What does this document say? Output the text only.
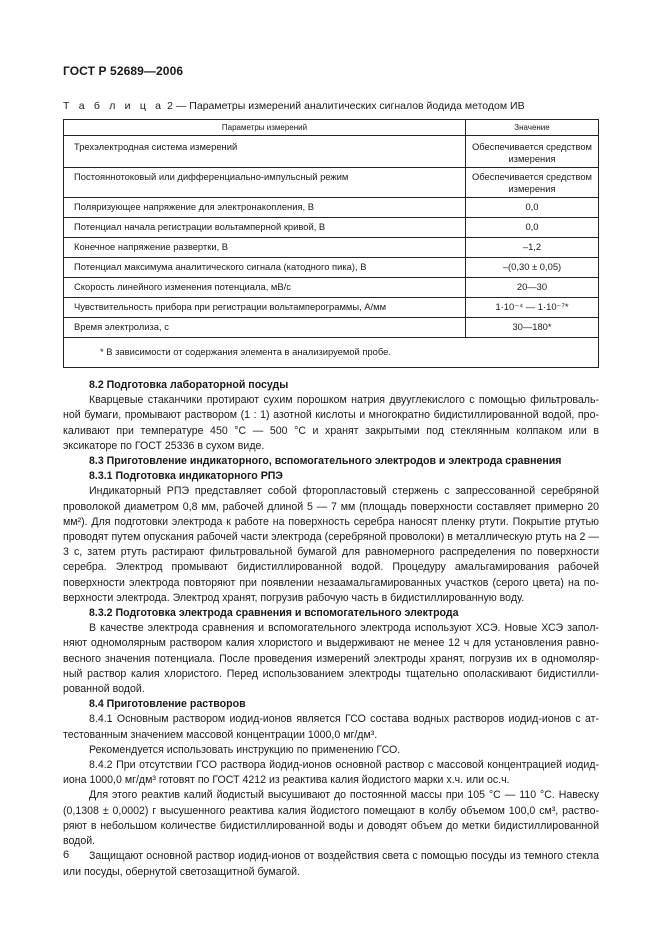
ГОСТ Р 52689—2006
Т а б л и ц а 2 — Параметры измерений аналитических сигналов йодида методом ИВ
Параметры измерений	Значение
Трехэлектродная система измерений	Обеспечивается средством измерения
Постояннотоковый или дифференциально-импульсный режим	Обеспечивается средством измерения
Поляризующее напряжение для электронакопления, В	0,0
Потенциал начала регистрации вольтамперной кривой, В	0,0
Конечное напряжение развертки, В	–1,2
Потенциал максимума аналитического сигнала (катодного пика), В	–(0,30 ± 0,05)
Скорость линейного изменения потенциала, мВ/с	20—30
Чувствительность прибора при регистрации вольтамперограммы, А/мм	1·10⁻⁴ — 1·10⁻⁷*
Время электролиза, с	30—180*
* В зависимости от содержания элемента в анализируемой пробе.	

8.2 Подготовка лабораторной посуды

Кварцевые стаканчики протирают сухим порошком натрия двууглекислого с помощью фильтровальной бумаги, промывают раствором (1 : 1) азотной кислоты и многократно бидистиллированной водой, прокаливают при температуре 450 °С — 500 °С и хранят закрытыми под стеклянным колпаком или в эксикаторе по ГОСТ 25336 в сухом виде.

8.3 Приготовление индикаторного, вспомогательного электродов и электрода сравнения

8.3.1 Подготовка индикаторного РПЭ

Индикаторный РПЭ представляет собой фторопластовый стержень с запрессованной серебряной проволокой диаметром 0,8 мм, рабочей длиной 5 — 7 мм (площадь поверхности составляет примерно 20 мм²). Для подготовки электрода к работе на поверхность серебра наносят пленку ртути. Покрытие ртутью проводят путем опускания рабочей части электрода (серебряной проволоки) в металлическую ртуть на 2 — 3 с, затем ртуть растирают фильтровальной бумагой для равномерного распределения по поверхности серебра. Электрод промывают бидистиллированной водой. Процедуру амальгамирования рабочей поверхности электрода повторяют при появлении незаамальгамированных участков (серого цвета) на поверхности электрода. Электрод хранят, погрузив рабочую часть в бидистиллированную воду.

8.3.2 Подготовка электрода сравнения и вспомогательного электрода

В качестве электрода сравнения и вспомогательного электрода используют ХСЭ. Новые ХСЭ заполняют одномолярным раствором калия хлористого и выдерживают не менее 12 ч для установления равновесного значения потенциала. После проведения измерений электроды хранят, погрузив их в одномолярный раствор калия хлористого. Перед использованием электроды тщательно ополаскивают бидистиллированной водой.

8.4 Приготовление растворов

8.4.1 Основным раствором иодид-ионов является ГСО состава водных растворов иодид-ионов с аттестованным значением массовой концентрации 1000,0 мг/дм³.

Рекомендуется использовать инструкцию по применению ГСО.

8.4.2 При отсутствии ГСО раствора йодид-ионов основной раствор с массовой концентрацией иодид-иона 1000,0 мг/дм³ готовят по ГОСТ 4212 из реактива калия йодистого марки х.ч. или ос.ч.

Для этого реактив калий йодистый высушивают до постоянной массы при 105 °С — 110 °С. Навеску (0,1308 ± 0,0002) г высушенного реактива калия йодистого помещают в колбу объемом 100,0 см³, растворяют в небольшом количестве бидистиллированной воды и доводят объем до метки бидистиллированной водой.

Защищают основной раствор иодид-ионов от воздействия света с помощью посуды из темного стекла или посуды, обернутой светозащитной бумагой.

6
